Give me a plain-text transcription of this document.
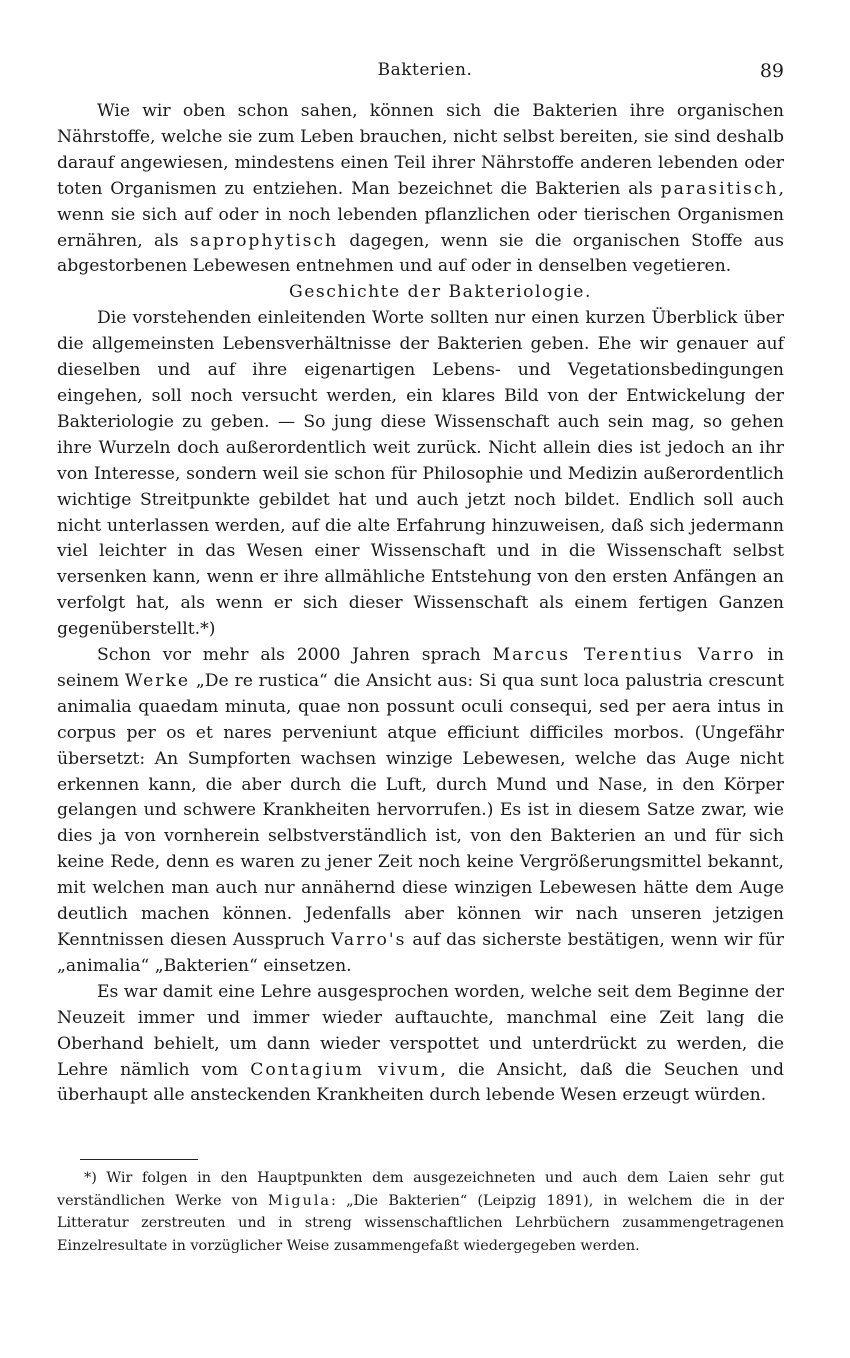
Bakterien.	89

Wie wir oben schon sahen, können sich die Bakterien ihre organischen Nährstoffe, welche sie zum Leben brauchen, nicht selbst bereiten, sie sind deshalb darauf angewiesen, mindestens einen Teil ihrer Nährstoffe anderen lebenden oder toten Organismen zu entziehen. Man bezeichnet die Bakterien als parasitisch, wenn sie sich auf oder in noch lebenden pflanzlichen oder tierischen Organismen ernähren, als saprophytisch dagegen, wenn sie die organischen Stoffe aus abgestorbenen Lebewesen entnehmen und auf oder in denselben vegetieren.

Geschichte der Bakteriologie.

Die vorstehenden einleitenden Worte sollten nur einen kurzen Überblick über die allgemeinsten Lebensverhältnisse der Bakterien geben. Ehe wir genauer auf dieselben und auf ihre eigenartigen Lebens- und Vegetationsbedingungen eingehen, soll noch versucht werden, ein klares Bild von der Entwickelung der Bakteriologie zu geben. — So jung diese Wissenschaft auch sein mag, so gehen ihre Wurzeln doch außerordentlich weit zurück. Nicht allein dies ist jedoch an ihr von Interesse, sondern weil sie schon für Philosophie und Medizin außerordentlich wichtige Streitpunkte gebildet hat und auch jetzt noch bildet. Endlich soll auch nicht unterlassen werden, auf die alte Erfahrung hinzuweisen, daß sich jedermann viel leichter in das Wesen einer Wissenschaft und in die Wissenschaft selbst versenken kann, wenn er ihre allmähliche Entstehung von den ersten Anfängen an verfolgt hat, als wenn er sich dieser Wissenschaft als einem fertigen Ganzen gegenüberstellt.*)

Schon vor mehr als 2000 Jahren sprach Marcus Terentius Varro in seinem Werke „De re rustica“ die Ansicht aus: Si qua sunt loca palustria crescunt animalia quaedam minuta, quae non possunt oculi consequi, sed per aera intus in corpus per os et nares perveniunt atque efficiunt difficiles morbos. (Ungefähr übersetzt: An Sumpforten wachsen winzige Lebewesen, welche das Auge nicht erkennen kann, die aber durch die Luft, durch Mund und Nase, in den Körper gelangen und schwere Krankheiten hervorrufen.) Es ist in diesem Satze zwar, wie dies ja von vornherein selbstverständlich ist, von den Bakterien an und für sich keine Rede, denn es waren zu jener Zeit noch keine Vergrößerungsmittel bekannt, mit welchen man auch nur annähernd diese winzigen Lebewesen hätte dem Auge deutlich machen können. Jedenfalls aber können wir nach unseren jetzigen Kenntnissen diesen Ausspruch Varro's auf das sicherste bestätigen, wenn wir für „animalia“ „Bakterien“ einsetzen.

Es war damit eine Lehre ausgesprochen worden, welche seit dem Beginne der Neuzeit immer und immer wieder auftauchte, manchmal eine Zeit lang die Oberhand behielt, um dann wieder verspottet und unterdrückt zu werden, die Lehre nämlich vom Contagium vivum, die Ansicht, daß die Seuchen und überhaupt alle ansteckenden Krankheiten durch lebende Wesen erzeugt würden.

*) Wir folgen in den Hauptpunkten dem ausgezeichneten und auch dem Laien sehr gut verständlichen Werke von Migula: „Die Bakterien“ (Leipzig 1891), in welchem die in der Litteratur zerstreuten und in streng wissenschaftlichen Lehrbüchern zusammengetragenen Einzelresultate in vorzüglicher Weise zusammengefaßt wiedergegeben werden.
